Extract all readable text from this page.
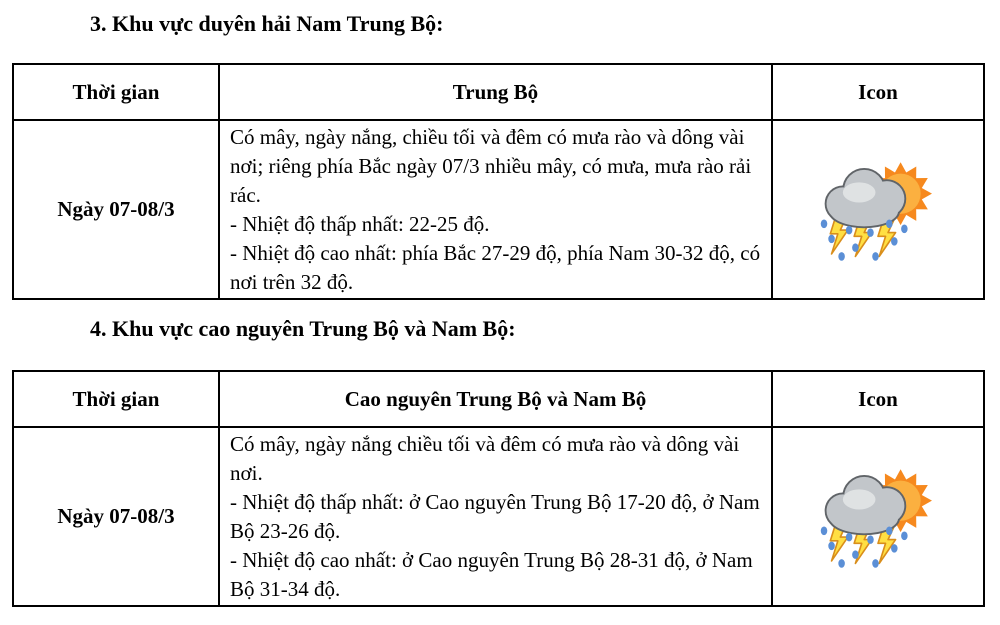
3. Khu vực duyên hải Nam Trung Bộ:
Thời gian	Trung Bộ	Icon
Ngày 07-08/3	Có mây, ngày nắng, chiều tối và đêm có mưa rào và dông vài nơi; riêng phía Bắc ngày 07/3 nhiều mây, có mưa, mưa rào rải rác.
- Nhiệt độ thấp nhất: 22-25 độ.
- Nhiệt độ cao nhất: phía Bắc 27-29 độ, phía Nam 30-32 độ, có nơi trên 32 độ.

4. Khu vực cao nguyên Trung Bộ và Nam Bộ:
Thời gian	Cao nguyên Trung Bộ và Nam Bộ	Icon
Ngày 07-08/3	Có mây, ngày nắng chiều tối và đêm có mưa rào và dông vài nơi.
- Nhiệt độ thấp nhất: ở Cao nguyên Trung Bộ 17-20 độ, ở Nam Bộ 23-26 độ.
- Nhiệt độ cao nhất: ở Cao nguyên Trung Bộ 28-31 độ, ở Nam Bộ 31-34 độ.
